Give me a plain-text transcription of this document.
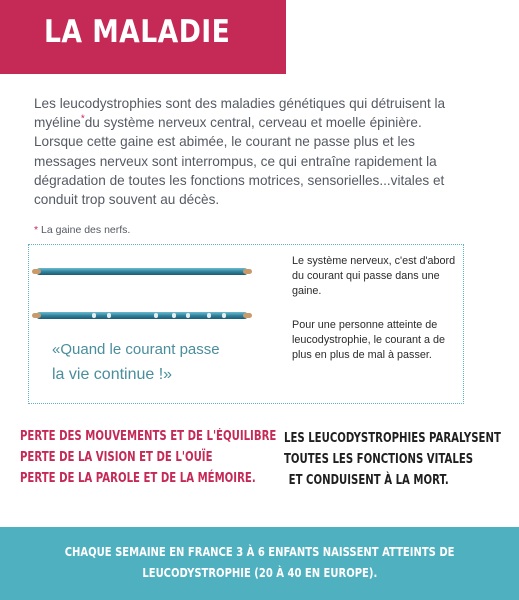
LA MALADIE
Les leucodystrophies sont des maladies génétiques qui détruisent la myéline*du système nerveux central, cerveau et moelle épinière. Lorsque cette gaine est abimée, le courant ne passe plus et les messages nerveux sont interrompus, ce qui entraîne rapidement la dégradation de toutes les fonctions motrices, sensorielles...vitales et conduit trop souvent au décès.
* La gaine des nerfs.
«Quand le courant passe
la vie continue !»
Le système nerveux, c'est d'abord du courant qui passe dans une gaine.
Pour une personne atteinte de leucodystrophie, le courant a de plus en plus de mal à passer.
PERTE DES MOUVEMENTS ET DE L'ÉQUILIBRE
PERTE DE LA VISION ET DE L'OUÏE
PERTE DE LA PAROLE ET DE LA MÉMOIRE.
LES LEUCODYSTROPHIES PARALYSENT
TOUTES LES FONCTIONS VITALES
ET CONDUISENT À LA MORT.
CHAQUE SEMAINE EN FRANCE 3 À 6 ENFANTS NAISSENT ATTEINTS DE
LEUCODYSTROPHIE (20 À 40 EN EUROPE).
